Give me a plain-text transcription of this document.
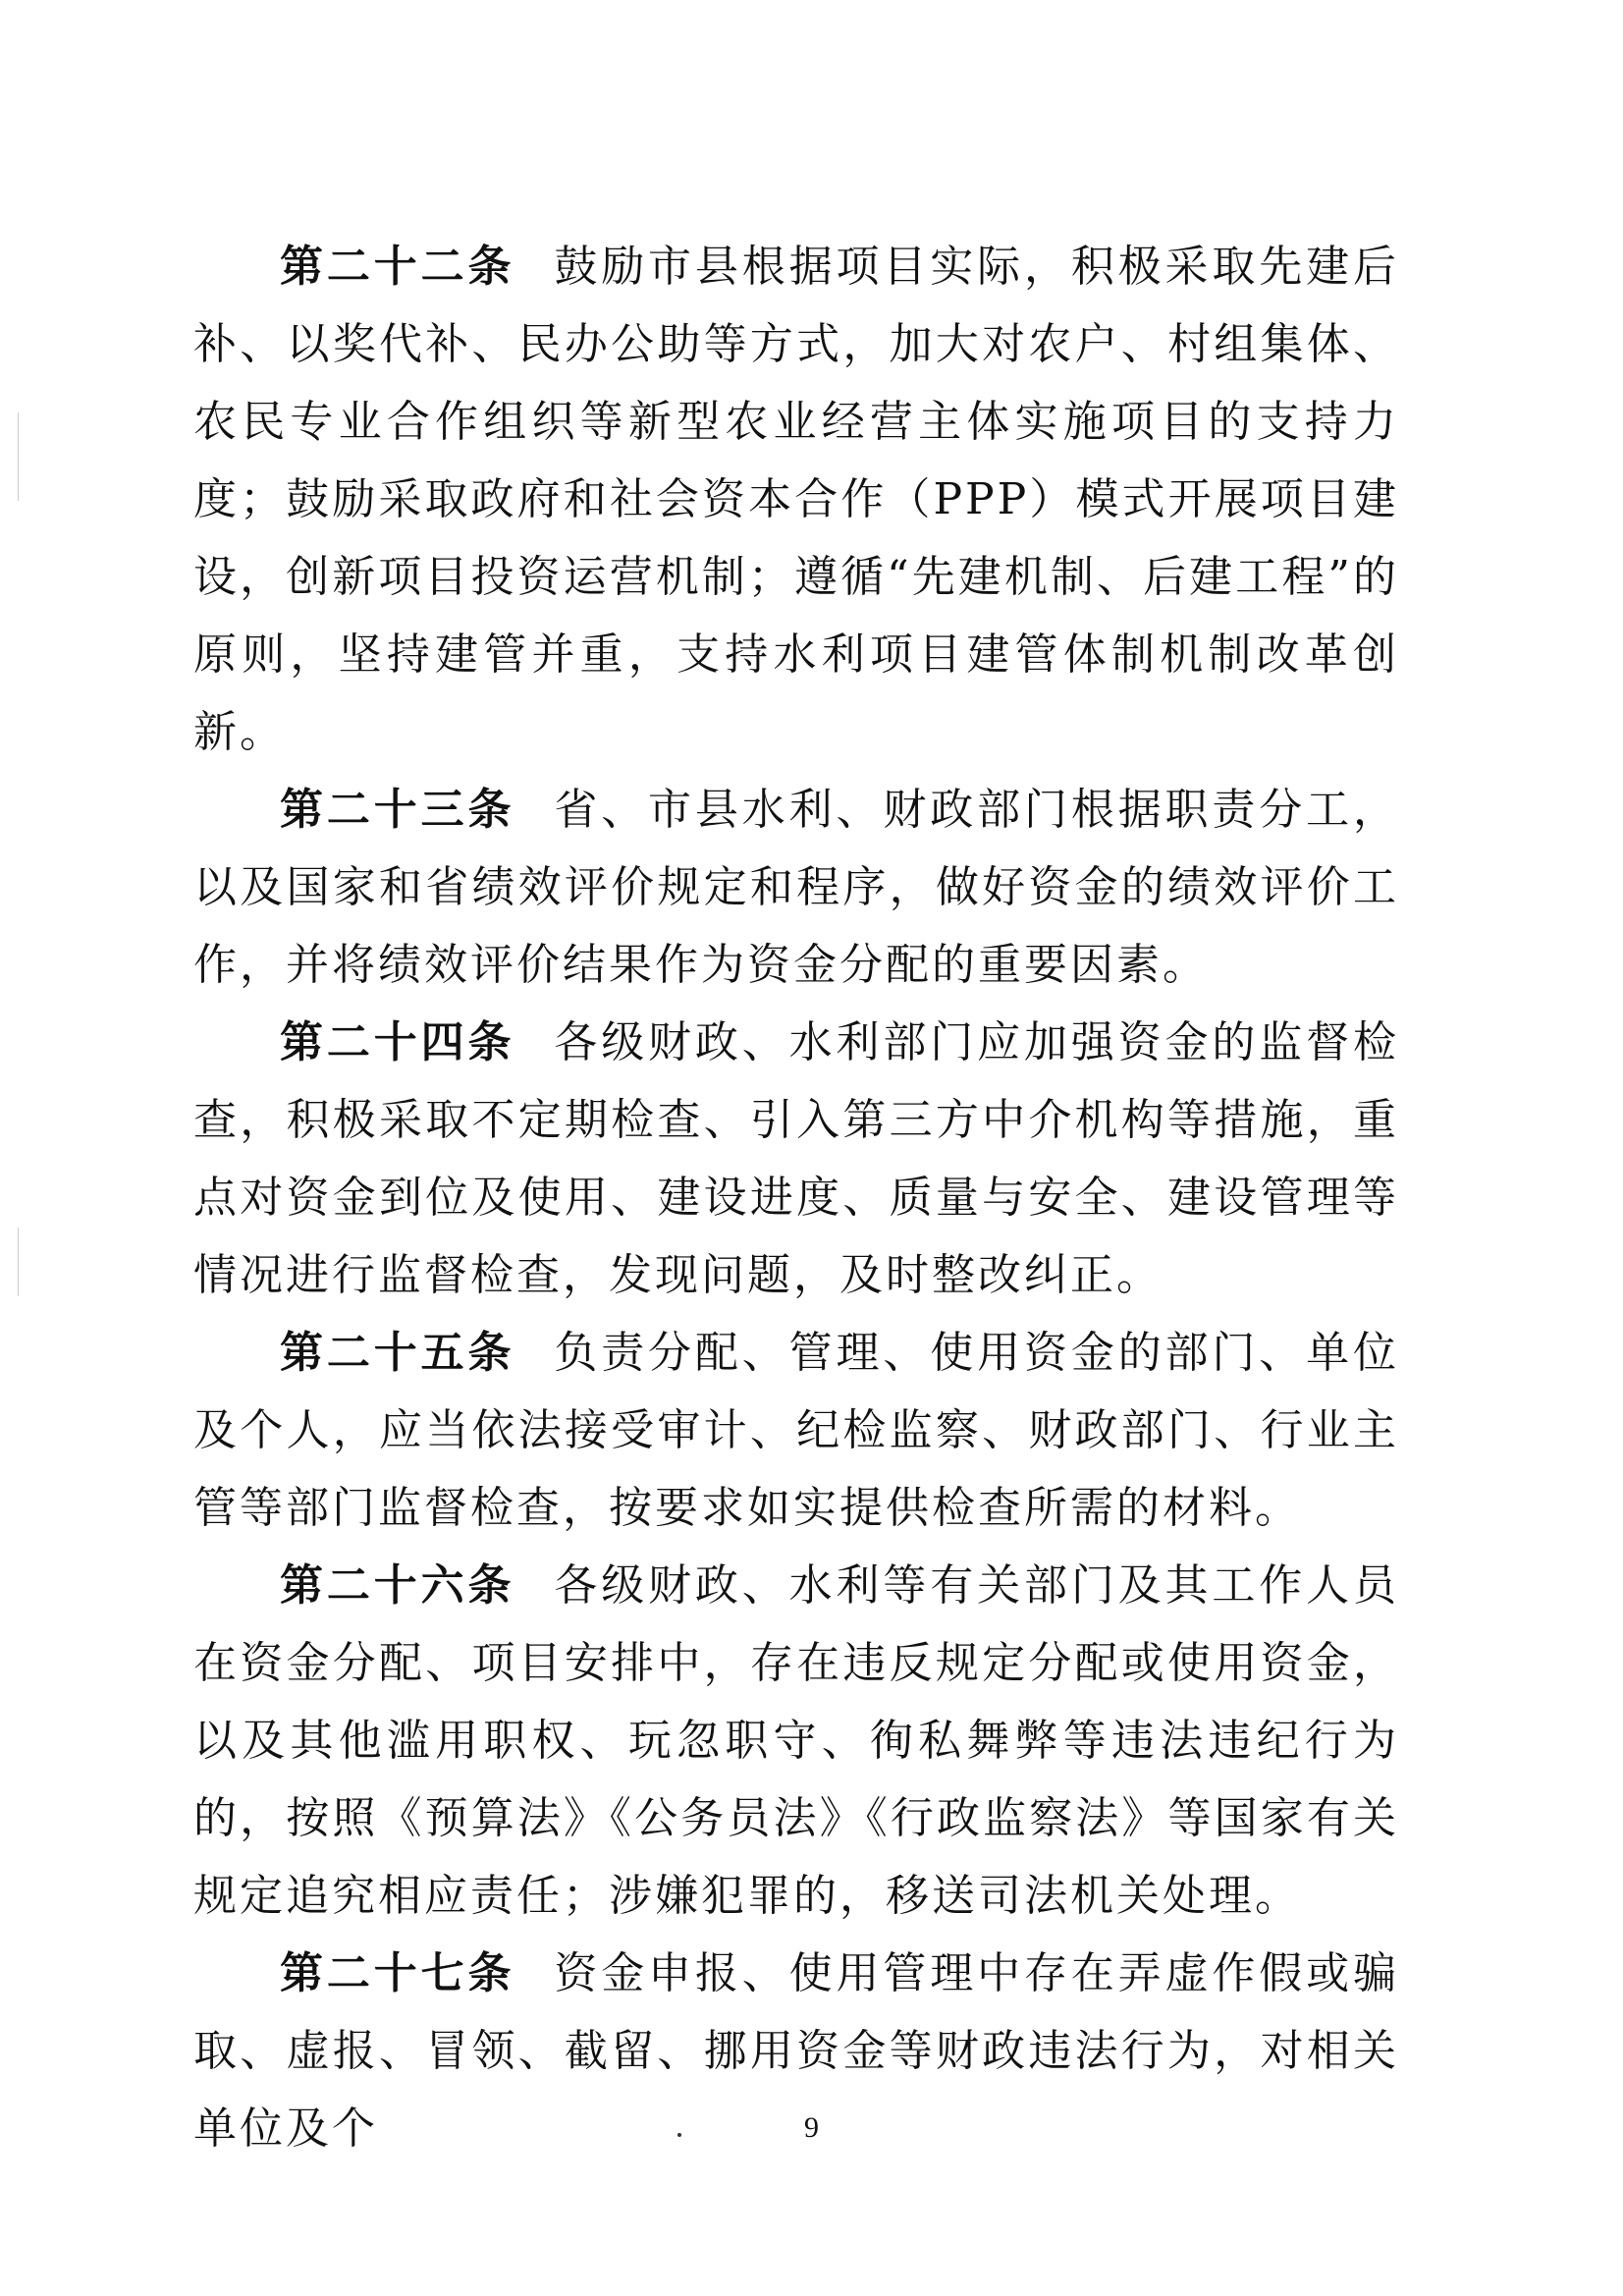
第二十二条 鼓励市县根据项目实际，积极采取先建后补、以奖代补、民办公助等方式，加大对农户、村组集体、农民专业合作组织等新型农业经营主体实施项目的支持力度；鼓励采取政府和社会资本合作（PPP）模式开展项目建设，创新项目投资运营机制；遵循“先建机制、后建工程”的原则，坚持建管并重，支持水利项目建管体制机制改革创新。

第二十三条 省、市县水利、财政部门根据职责分工，以及国家和省绩效评价规定和程序，做好资金的绩效评价工作，并将绩效评价结果作为资金分配的重要因素。

第二十四条 各级财政、水利部门应加强资金的监督检查，积极采取不定期检查、引入第三方中介机构等措施，重点对资金到位及使用、建设进度、质量与安全、建设管理等情况进行监督检查，发现问题，及时整改纠正。

第二十五条 负责分配、管理、使用资金的部门、单位及个人，应当依法接受审计、纪检监察、财政部门、行业主管等部门监督检查，按要求如实提供检查所需的材料。

第二十六条 各级财政、水利等有关部门及其工作人员在资金分配、项目安排中，存在违反规定分配或使用资金，以及其他滥用职权、玩忽职守、徇私舞弊等违法违纪行为的，按照《预算法》《公务员法》《行政监察法》等国家有关规定追究相应责任；涉嫌犯罪的，移送司法机关处理。

第二十七条 资金申报、使用管理中存在弄虚作假或骗取、虚报、冒领、截留、挪用资金等财政违法行为，对相关单位及个	9
